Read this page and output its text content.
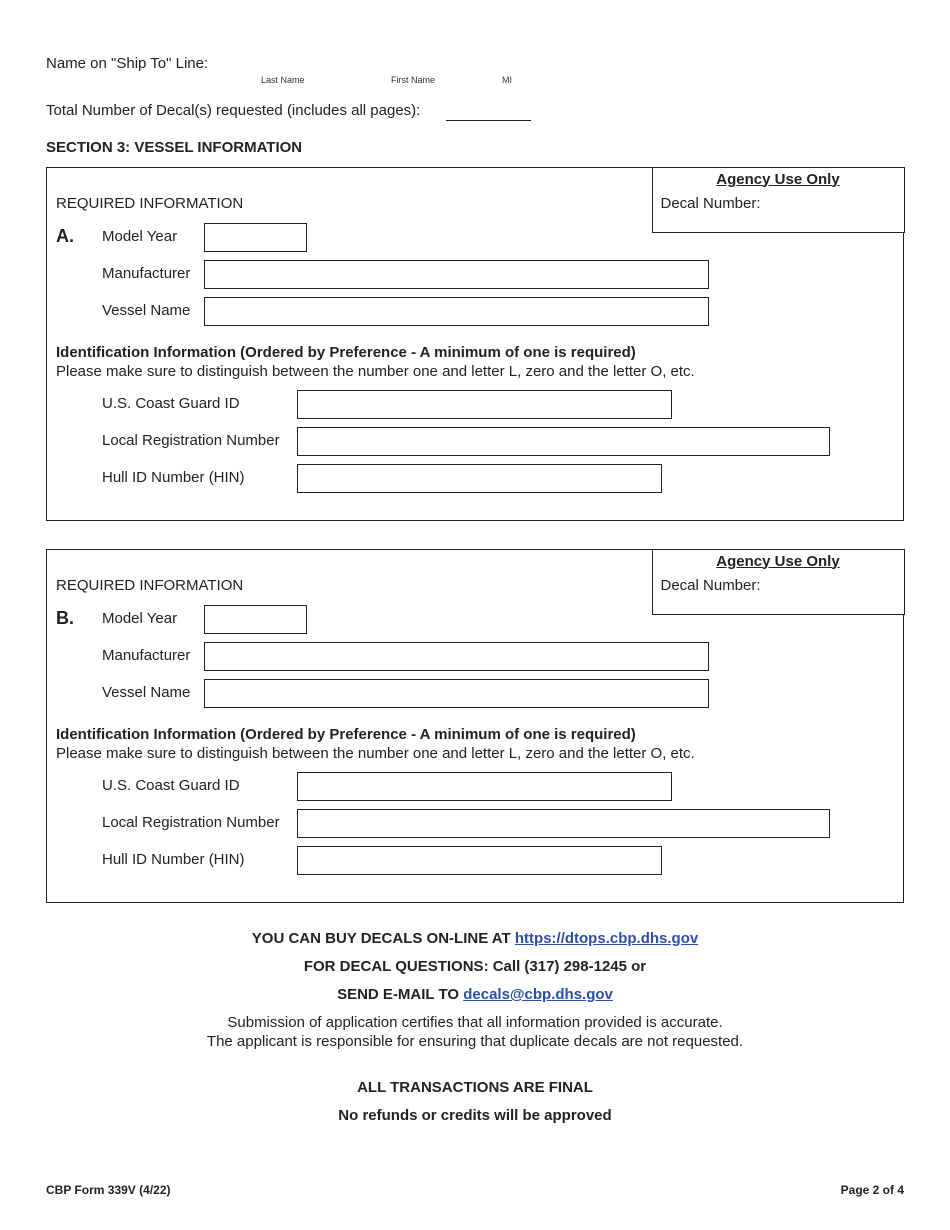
Name on "Ship To" Line:
Last Name	First Name	MI
Total Number of Decal(s) requested (includes all pages):
SECTION 3: VESSEL INFORMATION
Agency Use Only
Decal Number:
REQUIRED INFORMATION
A. Model Year
Manufacturer
Vessel Name
Identification Information (Ordered by Preference - A minimum of one is required)
Please make sure to distinguish between the number one and letter L, zero and the letter O, etc.
U.S. Coast Guard ID
Local Registration Number
Hull ID Number (HIN)
Agency Use Only
Decal Number:
REQUIRED INFORMATION
B. Model Year
Manufacturer
Vessel Name
Identification Information (Ordered by Preference - A minimum of one is required)
Please make sure to distinguish between the number one and letter L, zero and the letter O, etc.
U.S. Coast Guard ID
Local Registration Number
Hull ID Number (HIN)
YOU CAN BUY DECALS ON-LINE AT https://dtops.cbp.dhs.gov
FOR DECAL QUESTIONS: Call (317) 298-1245 or
SEND E-MAIL TO decals@cbp.dhs.gov
Submission of application certifies that all information provided is accurate.
The applicant is responsible for ensuring that duplicate decals are not requested.
ALL TRANSACTIONS ARE FINAL
No refunds or credits will be approved
CBP Form 339V (4/22)	Page 2 of 4
